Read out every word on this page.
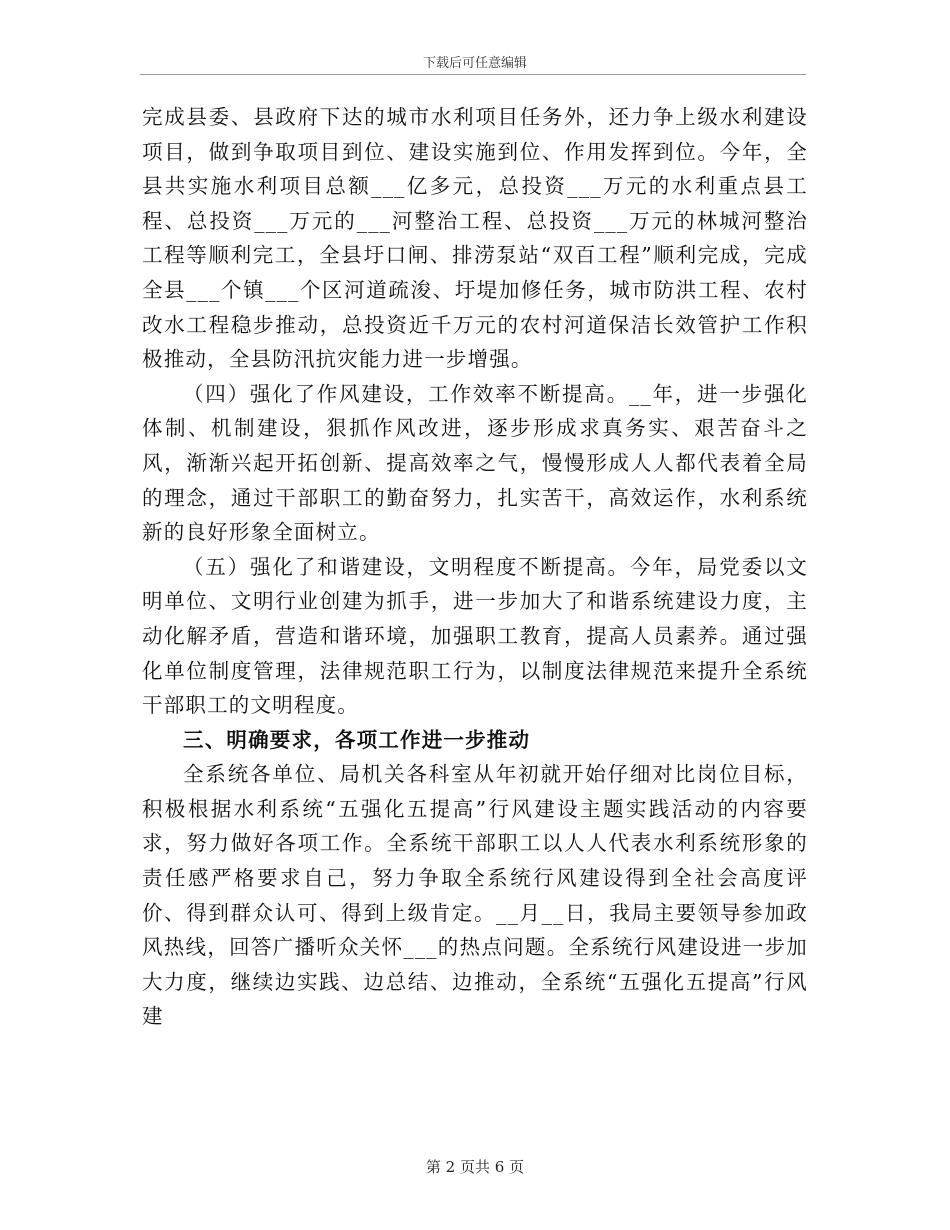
下载后可任意编辑

完成县委、县政府下达的城市水利项目任务外，还力争上级水利建设项目，做到争取项目到位、建设实施到位、作用发挥到位。今年，全县共实施水利项目总额___亿多元，总投资___万元的水利重点县工程、总投资___万元的___河整治工程、总投资___万元的林城河整治工程等顺利完工，全县圩口闸、排涝泵站“双百工程”顺利完成，完成全县___个镇___个区河道疏浚、圩堤加修任务，城市防洪工程、农村改水工程稳步推动，总投资近千万元的农村河道保洁长效管护工作积极推动，全县防汛抗灾能力进一步增强。

（四）强化了作风建设，工作效率不断提高。__年，进一步强化体制、机制建设，狠抓作风改进，逐步形成求真务实、艰苦奋斗之风，渐渐兴起开拓创新、提高效率之气，慢慢形成人人都代表着全局的理念，通过干部职工的勤奋努力，扎实苦干，高效运作，水利系统新的良好形象全面树立。

（五）强化了和谐建设，文明程度不断提高。今年，局党委以文明单位、文明行业创建为抓手，进一步加大了和谐系统建设力度，主动化解矛盾，营造和谐环境，加强职工教育，提高人员素养。通过强化单位制度管理，法律规范职工行为，以制度法律规范来提升全系统干部职工的文明程度。

三、明确要求，各项工作进一步推动

全系统各单位、局机关各科室从年初就开始仔细对比岗位目标，积极根据水利系统“五强化五提高”行风建设主题实践活动的内容要求，努力做好各项工作。全系统干部职工以人人代表水利系统形象的责任感严格要求自己，努力争取全系统行风建设得到全社会高度评价、得到群众认可、得到上级肯定。__月__日，我局主要领导参加政风热线，回答广播听众关怀___的热点问题。全系统行风建设进一步加大力度，继续边实践、边总结、边推动，全系统“五强化五提高”行风建

第 2 页共 6 页
